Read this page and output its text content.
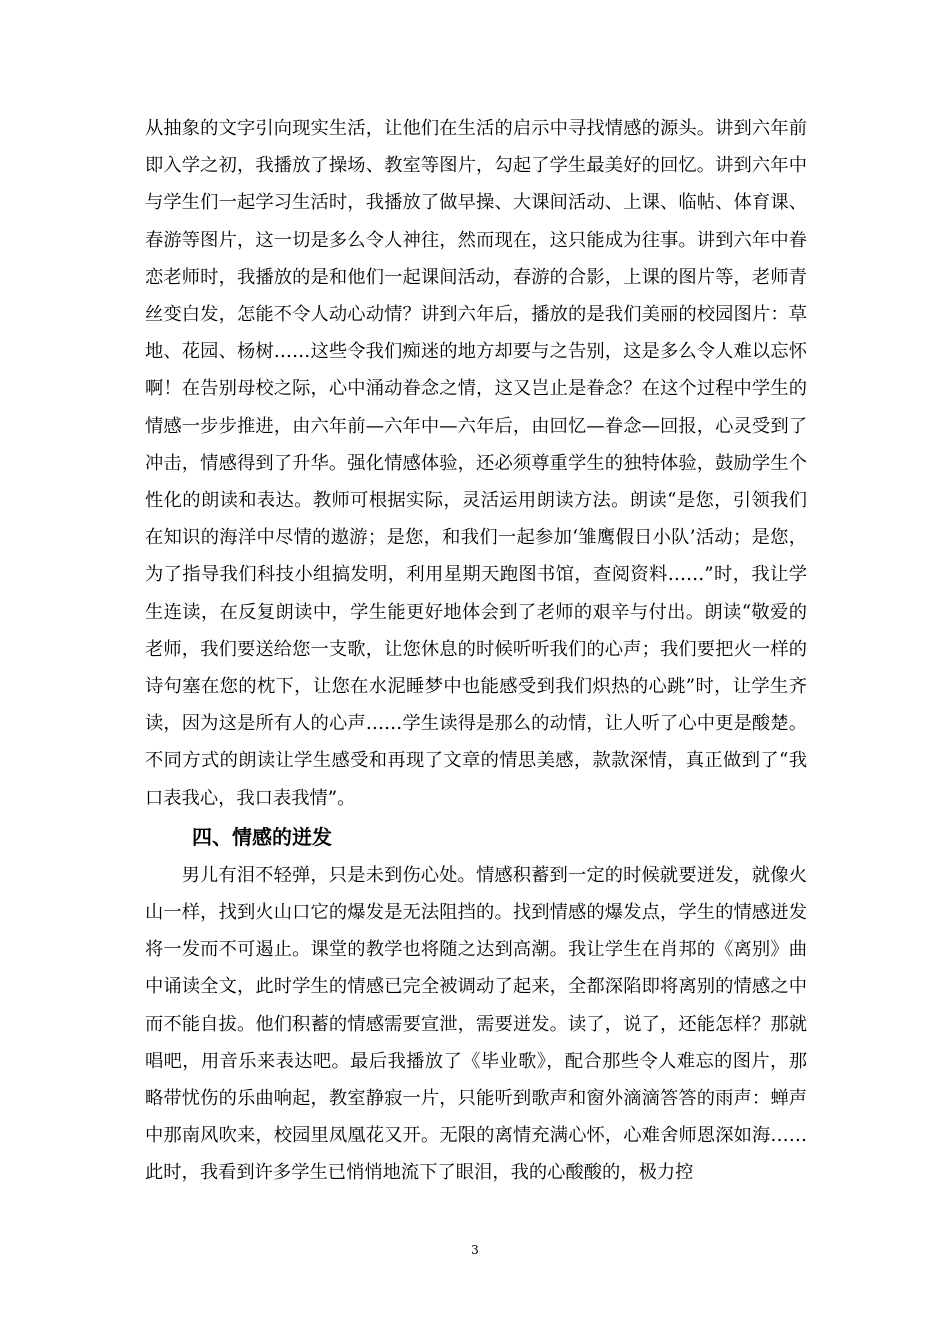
从抽象的文字引向现实生活，让他们在生活的启示中寻找情感的源头。讲到六年前即入学之初，我播放了操场、教室等图片，勾起了学生最美好的回忆。讲到六年中与学生们一起学习生活时，我播放了做早操、大课间活动、上课、临帖、体育课、春游等图片，这一切是多么令人神往，然而现在，这只能成为往事。讲到六年中眷恋老师时，我播放的是和他们一起课间活动，春游的合影，上课的图片等，老师青丝变白发，怎能不令人动心动情？讲到六年后，播放的是我们美丽的校园图片：草地、花园、杨树……这些令我们痴迷的地方却要与之告别，这是多么令人难以忘怀啊！在告别母校之际，心中涌动眷念之情，这又岂止是眷念？在这个过程中学生的情感一步步推进，由六年前—六年中—六年后，由回忆—眷念—回报，心灵受到了冲击，情感得到了升华。强化情感体验，还必须尊重学生的独特体验，鼓励学生个性化的朗读和表达。教师可根据实际，灵活运用朗读方法。朗读“是您，引领我们在知识的海洋中尽情的遨游；是您，和我们一起参加‘雏鹰假日小队’活动；是您，为了指导我们科技小组搞发明，利用星期天跑图书馆，查阅资料……”时，我让学生连读，在反复朗读中，学生能更好地体会到了老师的艰辛与付出。朗读“敬爱的老师，我们要送给您一支歌，让您休息的时候听听我们的心声；我们要把火一样的诗句塞在您的枕下，让您在水泥睡梦中也能感受到我们炽热的心跳”时，让学生齐读，因为这是所有人的心声……学生读得是那么的动情，让人听了心中更是酸楚。不同方式的朗读让学生感受和再现了文章的情思美感，款款深情，真正做到了“我口表我心，我口表我情”。

四、情感的迸发

男儿有泪不轻弹，只是未到伤心处。情感积蓄到一定的时候就要迸发，就像火山一样，找到火山口它的爆发是无法阻挡的。找到情感的爆发点，学生的情感迸发将一发而不可遏止。课堂的教学也将随之达到高潮。我让学生在肖邦的《离别》曲中诵读全文，此时学生的情感已完全被调动了起来，全都深陷即将离别的情感之中而不能自拔。他们积蓄的情感需要宣泄，需要迸发。读了，说了，还能怎样？那就唱吧，用音乐来表达吧。最后我播放了《毕业歌》，配合那些令人难忘的图片，那略带忧伤的乐曲响起，教室静寂一片，只能听到歌声和窗外滴滴答答的雨声：蝉声中那南风吹来，校园里凤凰花又开。无限的离情充满心怀，心难舍师恩深如海……此时，我看到许多学生已悄悄地流下了眼泪，我的心酸酸的，极力控

3
